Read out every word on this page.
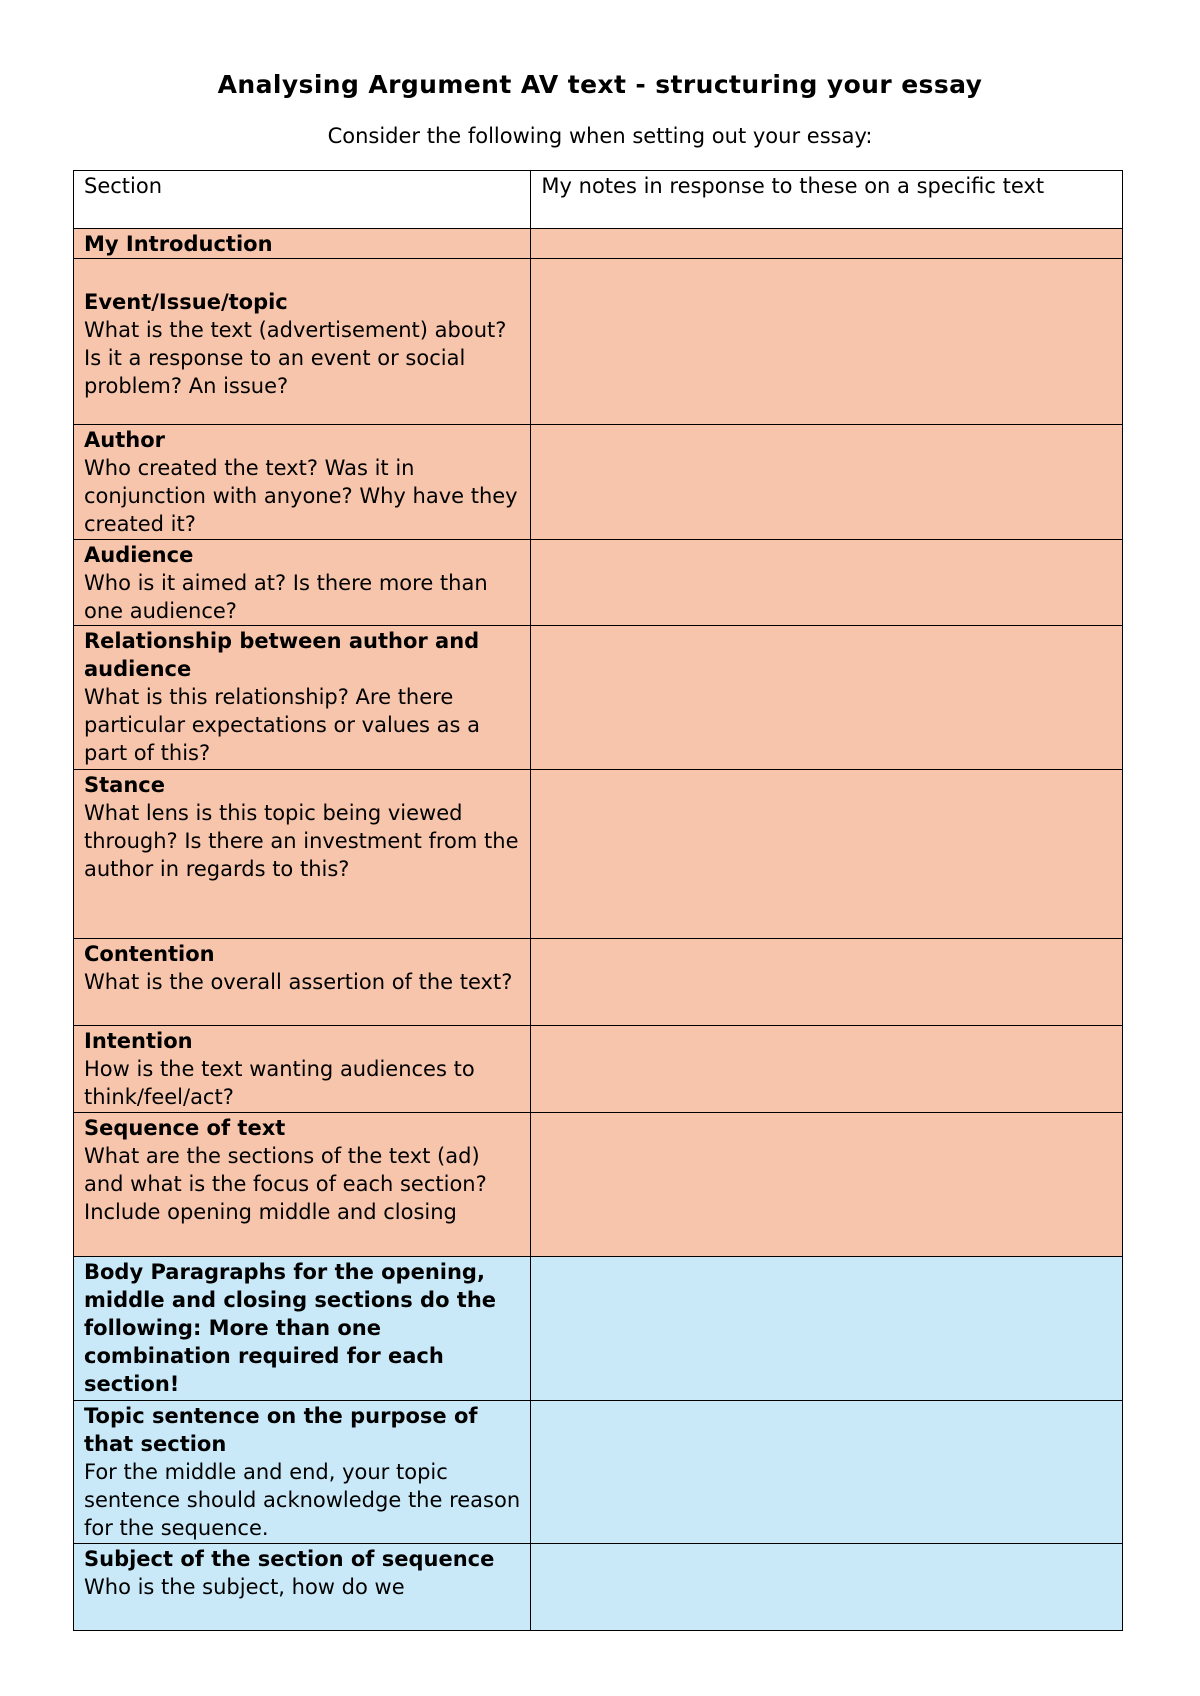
Analysing Argument AV text - structuring your essay
Consider the following when setting out your essay:
Section	My notes in response to these on a specific text

My Introduction	

Event/Issue/topic
What is the text (advertisement) about? Is it a response to an event or social problem? An issue?	

Author
Who created the text? Was it in conjunction with anyone? Why have they created it?	

Audience
Who is it aimed at? Is there more than one audience?	

Relationship between author and audience
What is this relationship? Are there particular expectations or values as a part of this?	

Stance
What lens is this topic being viewed through? Is there an investment from the author in regards to this?	

Contention
What is the overall assertion of the text?	

Intention
How is the text wanting audiences to think/feel/act?	

Sequence of text
What are the sections of the text (ad) and what is the focus of each section? Include opening middle and closing	

Body Paragraphs for the opening, middle and closing sections do the following: More than one combination required for each section!	

Topic sentence on the purpose of that section
For the middle and end, your topic sentence should acknowledge the reason for the sequence.	

Subject of the section of sequence
Who is the subject, how do we	
